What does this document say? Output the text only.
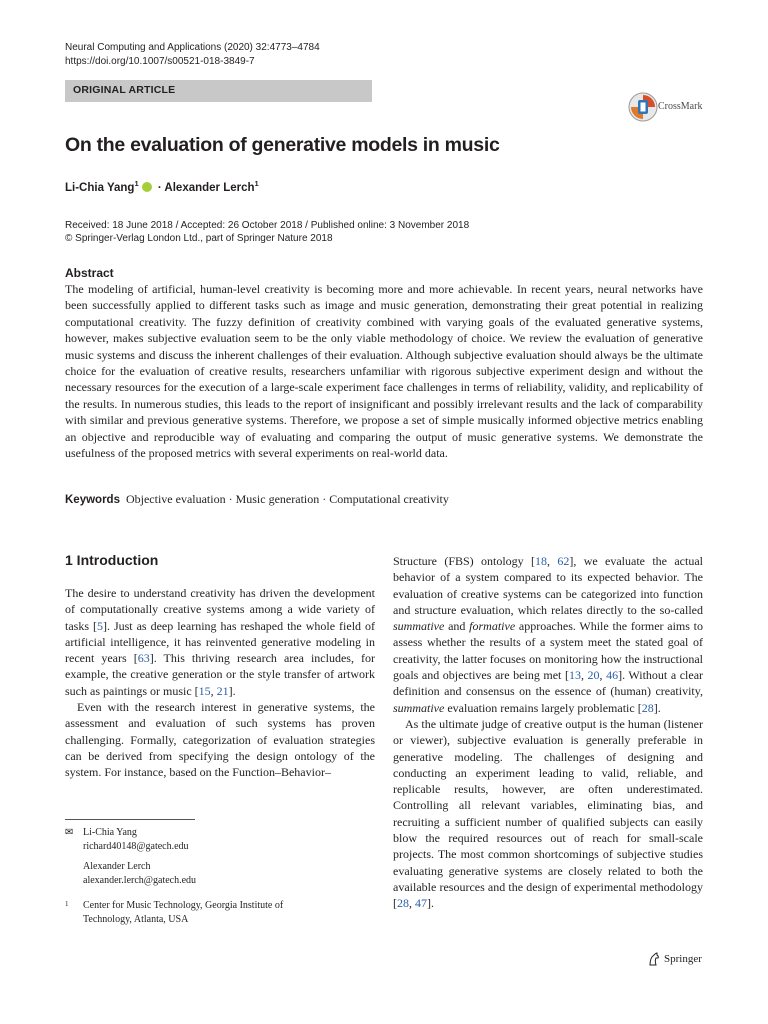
Neural Computing and Applications (2020) 32:4773–4784
https://doi.org/10.1007/s00521-018-3849-7
ORIGINAL ARTICLE
CrossMark
On the evaluation of generative models in music
Li-Chia Yang$^1$ · Alexander Lerch$^1$
Received: 18 June 2018 / Accepted: 26 October 2018 / Published online: 3 November 2018
© Springer-Verlag London Ltd., part of Springer Nature 2018
Abstract
The modeling of artificial, human-level creativity is becoming more and more achievable. In recent years, neural networks have been successfully applied to different tasks such as image and music generation, demonstrating their great potential in realizing computational creativity. The fuzzy definition of creativity combined with varying goals of the evaluated generative systems, however, makes subjective evaluation seem to be the only viable methodology of choice. We review the evaluation of generative music systems and discuss the inherent challenges of their evaluation. Although subjective evaluation should always be the ultimate choice for the evaluation of creative results, researchers unfamiliar with rigorous subjective experiment design and without the necessary resources for the execution of a large-scale experiment face challenges in terms of reliability, validity, and replicability of the results. In numerous studies, this leads to the report of insignificant and possibly irrelevant results and the lack of comparability with similar and previous generative systems. Therefore, we propose a set of simple musically informed objective metrics enabling an objective and reproducible way of evaluating and comparing the output of music generative systems. We demonstrate the usefulness of the proposed metrics with several experiments on real-world data.
Keywords Objective evaluation · Music generation · Computational creativity
1 Introduction

The desire to understand creativity has driven the development of computationally creative systems among a wide variety of tasks [5]. Just as deep learning has reshaped the whole field of artificial intelligence, it has reinvented generative modeling in recent years [63]. This thriving research area includes, for example, the creative generation or the style transfer of artwork such as paintings or music [15, 21].

Even with the research interest in generative systems, the assessment and evaluation of such systems has proven challenging. Formally, categorization of evaluation strategies can be derived from specifying the design ontology of the system. For instance, based on the Function–Behavior–

Structure (FBS) ontology [18, 62], we evaluate the actual behavior of a system compared to its expected behavior. The evaluation of creative systems can be categorized into function and structure evaluation, which relates directly to the so-called summative and formative approaches. While the former aims to assess whether the results of a system meet the stated goal of creativity, the latter focuses on monitoring how the instructional goals and objectives are being met [13, 20, 46]. Without a clear definition and consensus on the essence of (human) creativity, summative evaluation remains largely problematic [28].

As the ultimate judge of creative output is the human (listener or viewer), subjective evaluation is generally preferable in generative modeling. The challenges of designing and conducting an experiment leading to valid, reliable, and replicable results, however, are often underestimated. Controlling all relevant variables, eliminating bias, and recruiting a sufficient number of qualified subjects can easily blow the required resources out of reach for small-scale projects. The most common shortcomings of subjective studies evaluating generative systems are closely related to both the available resources and the design of experimental methodology [28, 47].

✉ Li-Chia Yang
richard40148@gatech.edu
Alexander Lerch
alexander.lerch@gatech.edu
1	Center for Music Technology, Georgia Institute of
Technology, Atlanta, USA
Springer
